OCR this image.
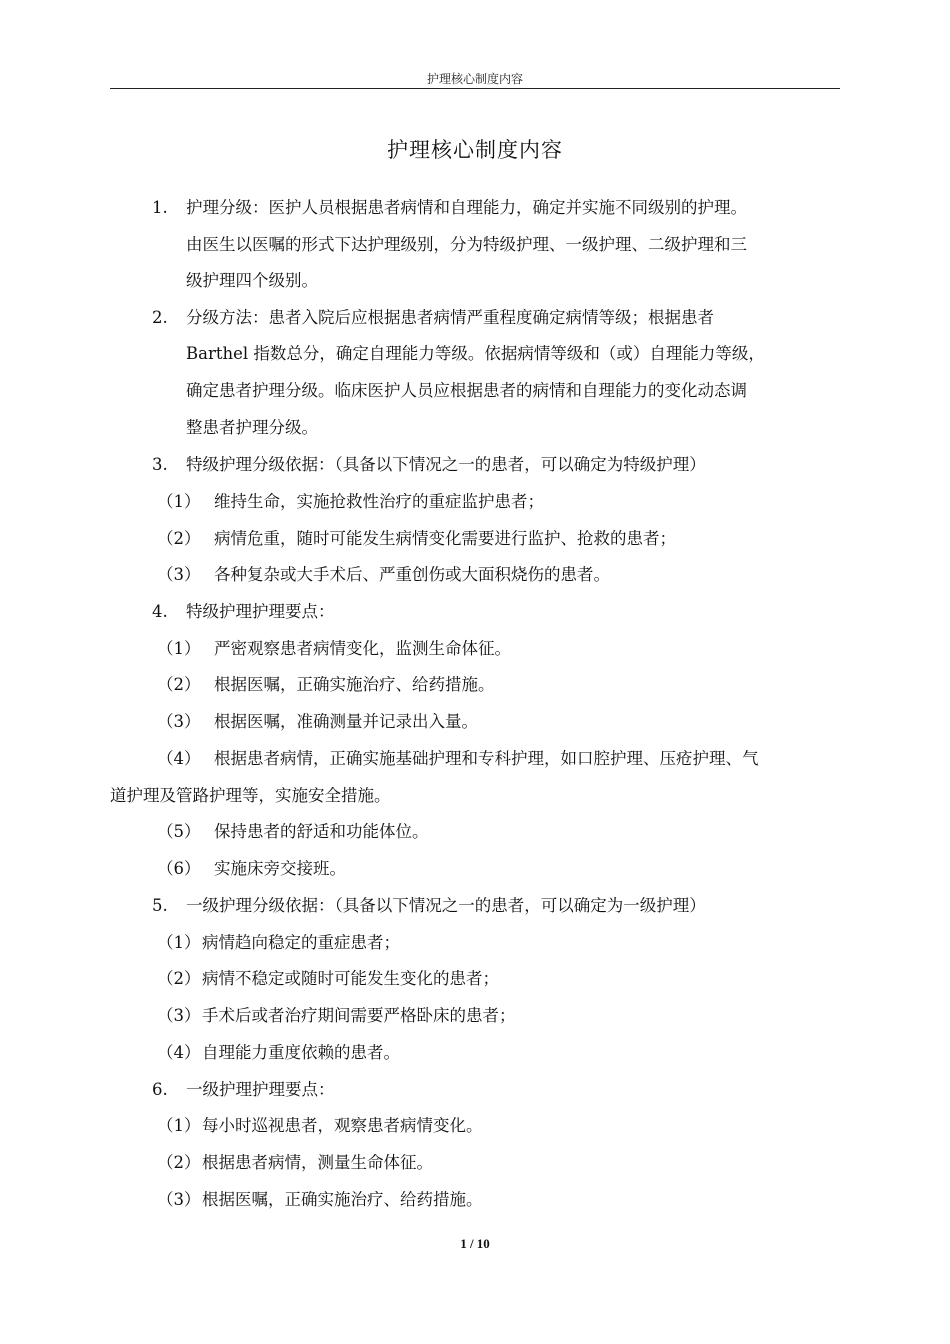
护理核心制度内容
护理核心制度内容
1. 护理分级：医护人员根据患者病情和自理能力，确定并实施不同级别的护理。
由医生以医嘱的形式下达护理级别，分为特级护理、一级护理、二级护理和三
级护理四个级别。
2. 分级方法：患者入院后应根据患者病情严重程度确定病情等级；根据患者
Barthel 指数总分，确定自理能力等级。依据病情等级和（或）自理能力等级，
确定患者护理分级。临床医护人员应根据患者的病情和自理能力的变化动态调
整患者护理分级。
3. 特级护理分级依据：（具备以下情况之一的患者，可以确定为特级护理）
（1） 维持生命，实施抢救性治疗的重症监护患者；
（2） 病情危重，随时可能发生病情变化需要进行监护、抢救的患者；
（3） 各种复杂或大手术后、严重创伤或大面积烧伤的患者。
4. 特级护理护理要点：
（1） 严密观察患者病情变化，监测生命体征。
（2） 根据医嘱，正确实施治疗、给药措施。
（3） 根据医嘱，准确测量并记录出入量。
（4） 根据患者病情，正确实施基础护理和专科护理，如口腔护理、压疮护理、气
道护理及管路护理等，实施安全措施。
（5） 保持患者的舒适和功能体位。
（6） 实施床旁交接班。
5. 一级护理分级依据：（具备以下情况之一的患者，可以确定为一级护理）
（1） 病情趋向稳定的重症患者；
（2） 病情不稳定或随时可能发生变化的患者；
（3） 手术后或者治疗期间需要严格卧床的患者；
（4） 自理能力重度依赖的患者。
6. 一级护理护理要点：
（1） 每小时巡视患者，观察患者病情变化。
（2） 根据患者病情，测量生命体征。
（3） 根据医嘱，正确实施治疗、给药措施。
1 / 10
